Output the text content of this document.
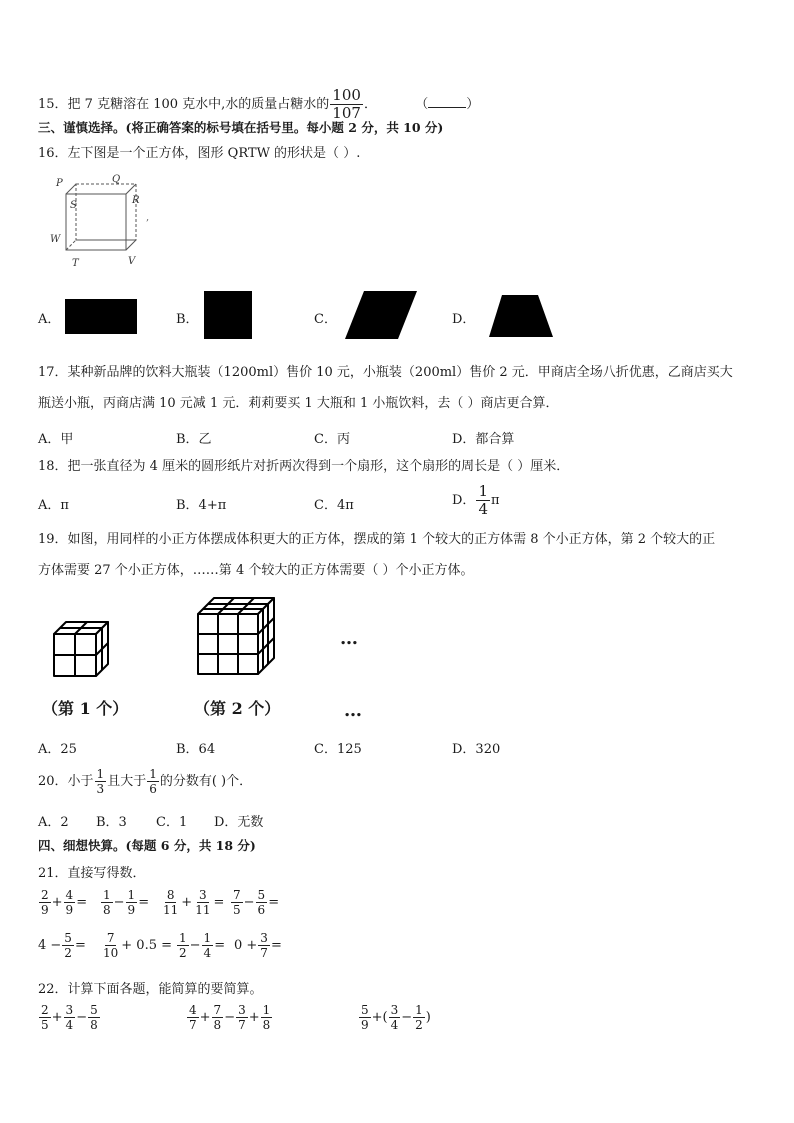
15．把 7 克糖溶在 100 克水中,水的质量占糖水的 $\frac{100}{107}$ ．	（	）
三、谨慎选择。(将正确答案的标号填在括号里。每小题 2 分，共 10 分)
16．左下图是一个正方体，图形 QRTW 的形状是（ ）.
P	Q
R
S
W
T	V
,
A．	B．	C．	D．
17．某种新品牌的饮料大瓶装（1200ml）售价 10 元，小瓶装（200ml）售价 2 元．甲商店全场八折优惠，乙商店买大
瓶送小瓶，丙商店满 10 元减 1 元．莉莉要买 1 大瓶和 1 小瓶饮料，去（ ）商店更合算．
A．甲	B．乙	C．丙	D．都合算
18．把一张直径为 4 厘米的圆形纸片对折两次得到一个扇形，这个扇形的周长是（ ）厘米．
A．π	B．4+π	C．4π	D． $\frac{1}{4}$ π
19．如图，用同样的小正方体摆成体积更大的正方体，摆成的第 1 个较大的正方体需 8 个小正方体，第 2 个较大的正
方体需要 27 个小正方体，……第 4 个较大的正方体需要（ ）个小正方体。
…
（第 1 个）	（第 2 个）	…
A．25	B．64	C．125	D．320
20．小于 $\frac{1}{3}$ 且大于 $\frac{1}{6}$ 的分数有( )个．
A．2 B．3 C．1 D．无数
四、细想快算。(每题 6 分，共 18 分)
21．直接写得数．
$\frac{2}{9} + \frac{4}{9} = \frac{1}{8} - \frac{1}{9} = \frac{8}{11} + \frac{3}{11} = \frac{7}{5} - \frac{5}{6}$ =
$4 - \frac{5}{2} = \frac{7}{10} + 0.5 = \frac{1}{2} - \frac{1}{4} = 0 + \frac{3}{7}$ =
22．计算下面各题，能简算的要简算。
$\frac{2}{5} + \frac{3}{4} - \frac{5}{8}$	$\frac{4}{7} + \frac{7}{8} - \frac{3}{7} + \frac{1}{8}$	$\frac{5}{9}$ +( $\frac{3}{4} - \frac{1}{2}$ )
